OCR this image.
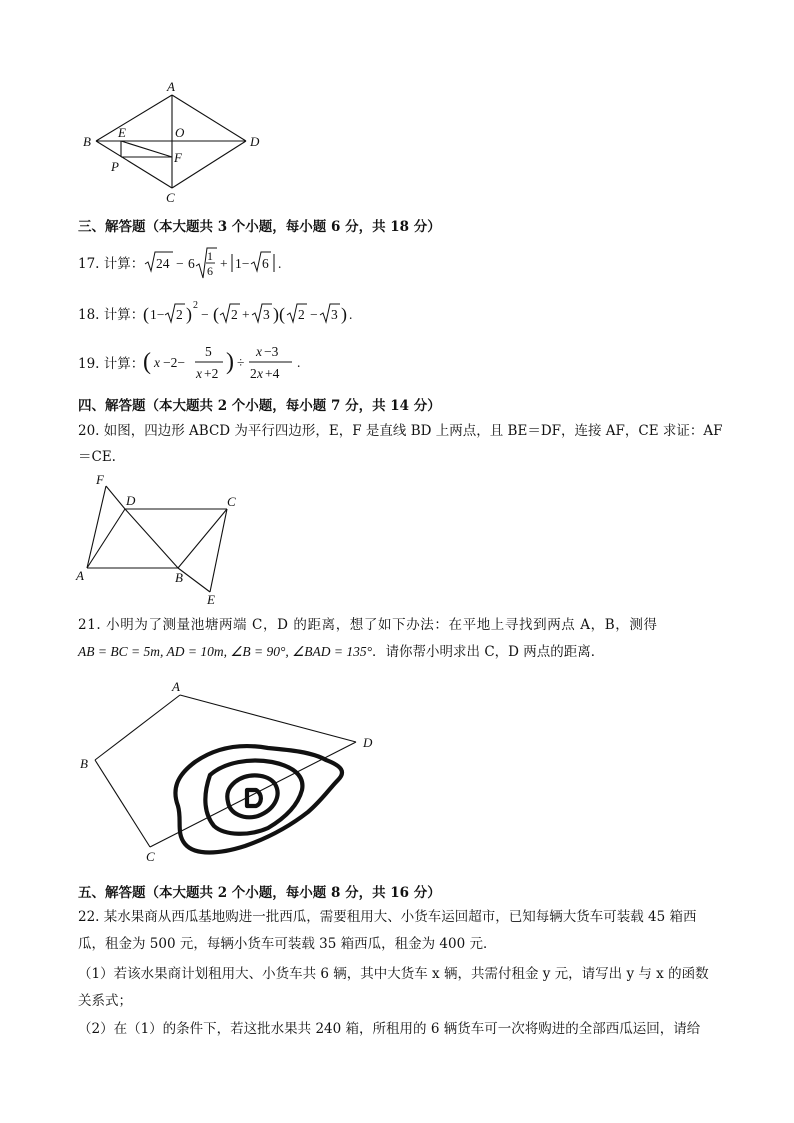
A
B
C
D
E
F
O
P
三、解答题（本大题共 3 个小题，每小题 6 分，共 18 分）
17. 计算： 24 − 6 1
6 + 1− 6 .
18. 计算：
( 1− 2 ) 2
− ( 2 + 3 )( 2 − 3 ) .
19. 计算：
( x −2−
5
x +2 ) ÷
x −3
2 x +4
.
四、解答题（本大题共 2 个小题，每小题 7 分，共 14 分）
20. 如图，四边形 ABCD 为平行四边形，E，F 是直线 BD 上两点，且 BE＝DF，连接 AF，CE 求证：AF
＝CE.
F
D	C
A	B
E
21. 小明为了测量池塘两端 C，D 的距离，想了如下办法：在平地上寻找到两点 A，B，测得
AB = BC = 5m, AD = 10m, ∠B = 90°, ∠BAD = 135°．请你帮小明求出 C，D 两点的距离．
A
B
C
D
五、解答题（本大题共 2 个小题，每小题 8 分，共 16 分）
22. 某水果商从西瓜基地购进一批西瓜，需要租用大、小货车运回超市，已知每辆大货车可装载 45 箱西
瓜，租金为 500 元，每辆小货车可装载 35 箱西瓜，租金为 400 元．
（1）若该水果商计划租用大、小货车共 6 辆，其中大货车 x 辆，共需付租金 y 元，请写出 y 与 x 的函数
关系式；
（2）在（1）的条件下，若这批水果共 240 箱，所租用的 6 辆货车可一次将购进的全部西瓜运回，请给
